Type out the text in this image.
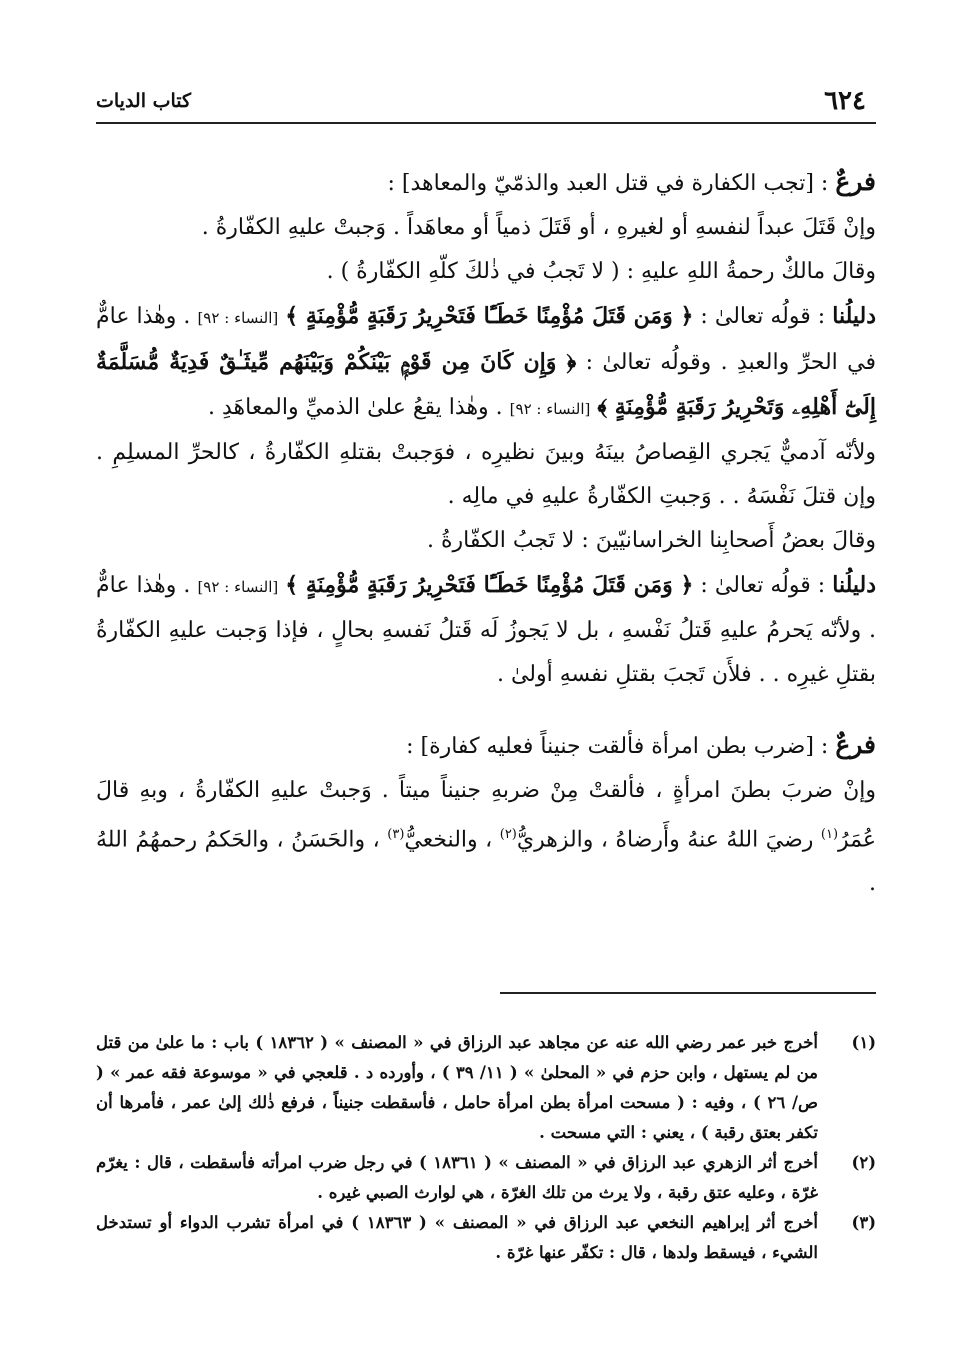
٦٢٤
كتاب الديات

فرعٌ : [تجب الكفارة في قتل العبد والذمّيّ والمعاهد] :

وإنْ قَتَلَ عبداً لنفسهِ أو لغيرهِ ، أو قَتَلَ ذمياً أو معاهَداً . وَجبتْ عليهِ الكفّارةُ .

وقالَ مالكٌ رحمةُ اللهِ عليهِ : ( لا تَجبُ في ذٰلكَ كلّهِ الكفّارةُ ) .

دليلُنا : قولُه تعالىٰ : ﴿ وَمَن قَتَلَ مُؤْمِنًا خَطَـًٔا فَتَحْرِيرُ رَقَبَةٍ مُّؤْمِنَةٍ ﴾ [النساء : ٩٢] . وهٰذا عامٌّ في الحرِّ والعبدِ . وقولُه تعالىٰ : ﴿ وَإِن كَانَ مِن قَوْمٍۭ بَيْنَكُمْ وَبَيْنَهُم مِّيثَـٰقٌ فَدِيَةٌ مُّسَلَّمَةٌ إِلَىٰٓ أَهْلِهِۦ وَتَحْرِيرُ رَقَبَةٍ مُّؤْمِنَةٍ ﴾ [النساء : ٩٢] . وهٰذا يقعُ علىٰ الذميِّ والمعاهَدِ .

ولأنّه آدميٌّ يَجري القِصاصُ بينَهُ وبينَ نظيرِه ، فوَجبتْ بقتلهِ الكفّارةُ ، كالحرِّ المسلِمِ . وإن قتلَ نَفْسَهُ . . وَجبتِ الكفّارةُ عليهِ في مالِه .

وقالَ بعضُ أَصحابِنا الخراسانيّينَ : لا تَجبُ الكفّارةُ .

دليلُنا : قولُه تعالىٰ : ﴿ وَمَن قَتَلَ مُؤْمِنًا خَطَـًٔا فَتَحْرِيرُ رَقَبَةٍ مُّؤْمِنَةٍ ﴾ [النساء : ٩٢] . وهٰذا عامٌّ . ولأنّه يَحرمُ عليهِ قَتلُ نَفْسهِ ، بل لا يَجوزُ لَه قَتلُ نَفسهِ بحالٍ ، فإذا وَجبت عليهِ الكفّارةُ بقتلِ غيرِه . . فلأَن تَجبَ بقتلِ نفسهِ أولىٰ .

فرعٌ : [ضرب بطن امرأة فألقت جنيناً فعليه كفارة] :

وإنْ ضربَ بطنَ امرأةٍ ، فألقتْ مِنْ ضربهِ جنيناً ميتاً . وَجبتْ عليهِ الكفّارةُ ، وبهِ قالَ عُمَرُ$^{(١)}$ رضيَ اللهُ عنهُ وأَرضاهُ ، والزهريُّ$^{(٢)}$ ، والنخعيُّ$^{(٣)}$ ، والحَسَنُ ، والحَكمُ رحمهُمُ اللهُ .

(١)
أخرج خبر عمر رضي الله عنه عن مجاهد عبد الرزاق في « المصنف » ( ١٨٣٦٢ ) باب : ما علىٰ من قتل من لم يستهل ، وابن حزم في « المحلىٰ » ( ١١/ ٣٩ ) ، وأورده د . قلعجي في « موسوعة فقه عمر » ( ص/ ٢٦ ) ، وفيه : ( مسحت امرأة بطن امرأة حامل ، فأسقطت جنيناً ، فرفع ذٰلك إلىٰ عمر ، فأمرها أن تكفر بعتق رقبة ) ، يعني : التي مسحت .
(٢)
أخرج أثر الزهري عبد الرزاق في « المصنف » ( ١٨٣٦١ ) في رجل ضرب امرأته فأسقطت ، قال : يغرّم غرّة ، وعليه عتق رقبة ، ولا يرث من تلك الغرّة ، هي لوارث الصبي غيره .
(٣)
أخرج أثر إبراهيم النخعي عبد الرزاق في « المصنف » ( ١٨٣٦٣ ) في امرأة تشرب الدواء أو تستدخل الشيء ، فيسقط ولدها ، قال : تكفّر عنها غرّة .
